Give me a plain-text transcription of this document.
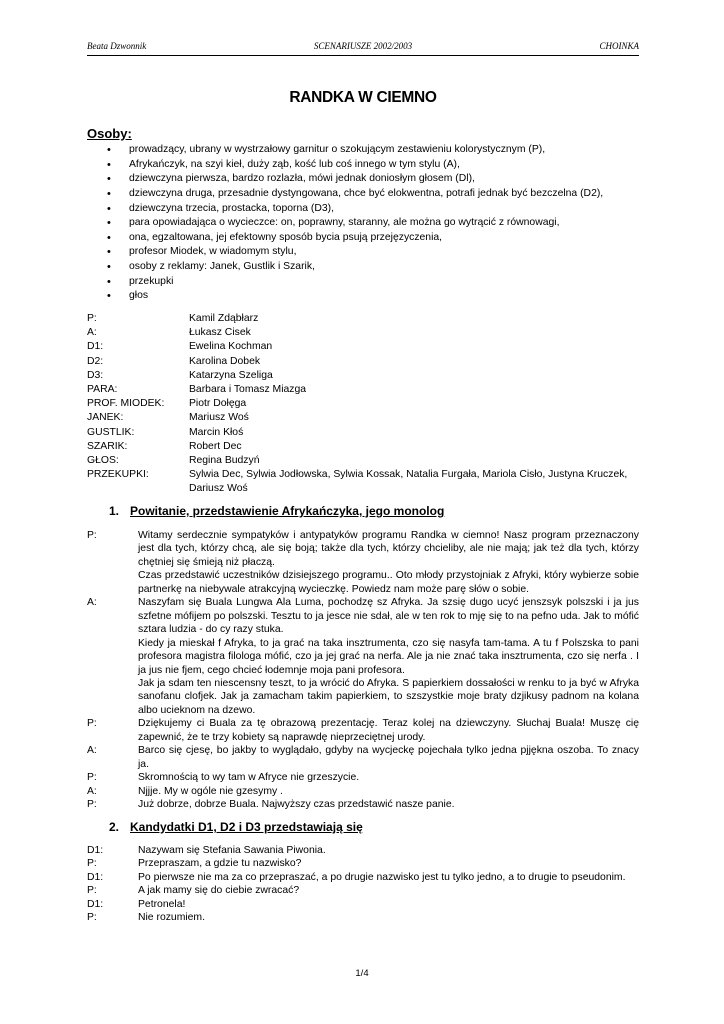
Beata Dzwonnik	SCENARIUSZE 2002/2003	CHOINKA
RANDKA W CIEMNO
Osoby:
• prowadzący, ubrany w wystrzałowy garnitur o szokującym zestawieniu kolorystycznym (P),
• Afrykańczyk, na szyi kieł, duży ząb, kość lub coś innego w tym stylu (A),
• dziewczyna pierwsza, bardzo rozlazła, mówi jednak doniosłym głosem (Dl),
• dziewczyna druga, przesadnie dystyngowana, chce być elokwentna, potrafi jednak być bezczelna (D2),
• dziewczyna trzecia, prostacka, toporna (D3),
• para opowiadająca o wycieczce: on, poprawny, staranny, ale można go wytrącić z równowagi,
• ona, egzaltowana, jej efektowny sposób bycia psują przejęzyczenia,
• profesor Miodek, w wiadomym stylu,
• osoby z reklamy: Janek, Gustlik i Szarik,
• przekupki
• głos
P:	Kamil Zdąbłarz
A:	Łukasz Cisek
D1:	Ewelina Kochman
D2:	Karolina Dobek
D3:	Katarzyna Szeliga
PARA:	Barbara i Tomasz Miazga
PROF. MIODEK: Piotr Dołęga
JANEK:	Mariusz Woś
GUSTLIK:	Marcin Kłoś
SZARIK:	Robert Dec
GŁOS:	Regina Budzyń
PRZEKUPKI:	Sylwia Dec, Sylwia Jodłowska, Sylwia Kossak, Natalia Furgała, Mariola Cisło, Justyna Kruczek, Dariusz Woś
1. Powitanie, przedstawienie Afrykańczyka, jego monolog
P:	Witamy serdecznie sympatyków i antypatyków programu Randka w ciemno! Nasz program przeznaczony jest dla tych, którzy chcą, ale się boją; także dla tych, którzy chcieliby, ale nie mają; jak też dla tych, którzy chętniej się śmieją niż płaczą.
Czas przedstawić uczestników dzisiejszego programu.. Oto młody przystojniak z Afryki, który wybierze sobie partnerkę na niebywale atrakcyjną wycieczkę. Powiedz nam może parę słów o sobie.
A:	Naszyfam się Buala Lungwa Ala Luma, pochodzę sz Afryka. Ja szsię dugo ucyć jenszsyk polszski i ja jus szfetne mófijem po polszski. Tesztu to ja jesce nie sdał, ale w ten rok to mję się to na pefno uda. Jak to mófić sztara ludzia - do cy razy stuka.
Kiedy ja mieskał f Afryka, to ja grać na taka insztrumenta, czo się nasyfa tam-tama. A tu f Polszska to pani profesora magistra filologa mófić, czo ja jej grać na nerfa. Ale ja nie znać taka insztrumenta, czo się nerfa . I ja jus nie fjem, cego chcieć łodemnje moja pani profesora.
Jak ja sdam ten niescensny teszt, to ja wrócić do Afryka. S papierkiem dossałości w renku to ja być w Afryka sanofanu clofjek. Jak ja zamacham takim papierkiem, to szszystkie moje braty dzjikusy padnom na kolana albo ucieknom na dzewo.
P:	Dziękujemy ci Buala za tę obrazową prezentację. Teraz kolej na dziewczyny. Słuchaj Buala! Muszę cię zapewnić, że te trzy kobiety są naprawdę nieprzeciętnej urody.
A:	Barco się cjesę, bo jakby to wyglądało, gdyby na wycjeckę pojechała tylko jedna pjjękna oszoba. To znacy ja.
P:	Skromnością to wy tam w Afryce nie grzeszycie.
A:	Njjje. My w ogóle nie gzesymy .
P:	Już dobrze, dobrze Buala. Najwyższy czas przedstawić nasze panie.
2. Kandydatki D1, D2 i D3 przedstawiają się
D1:	Nazywam się Stefania Sawania Piwonia.
P:	Przepraszam, a gdzie tu nazwisko?
D1:	Po pierwsze nie ma za co przepraszać, a po drugie nazwisko jest tu tylko jedno, a to drugie to pseudonim.
P:	A jak mamy się do ciebie zwracać?
D1:	Petronela!
P:	Nie rozumiem.
1/4
